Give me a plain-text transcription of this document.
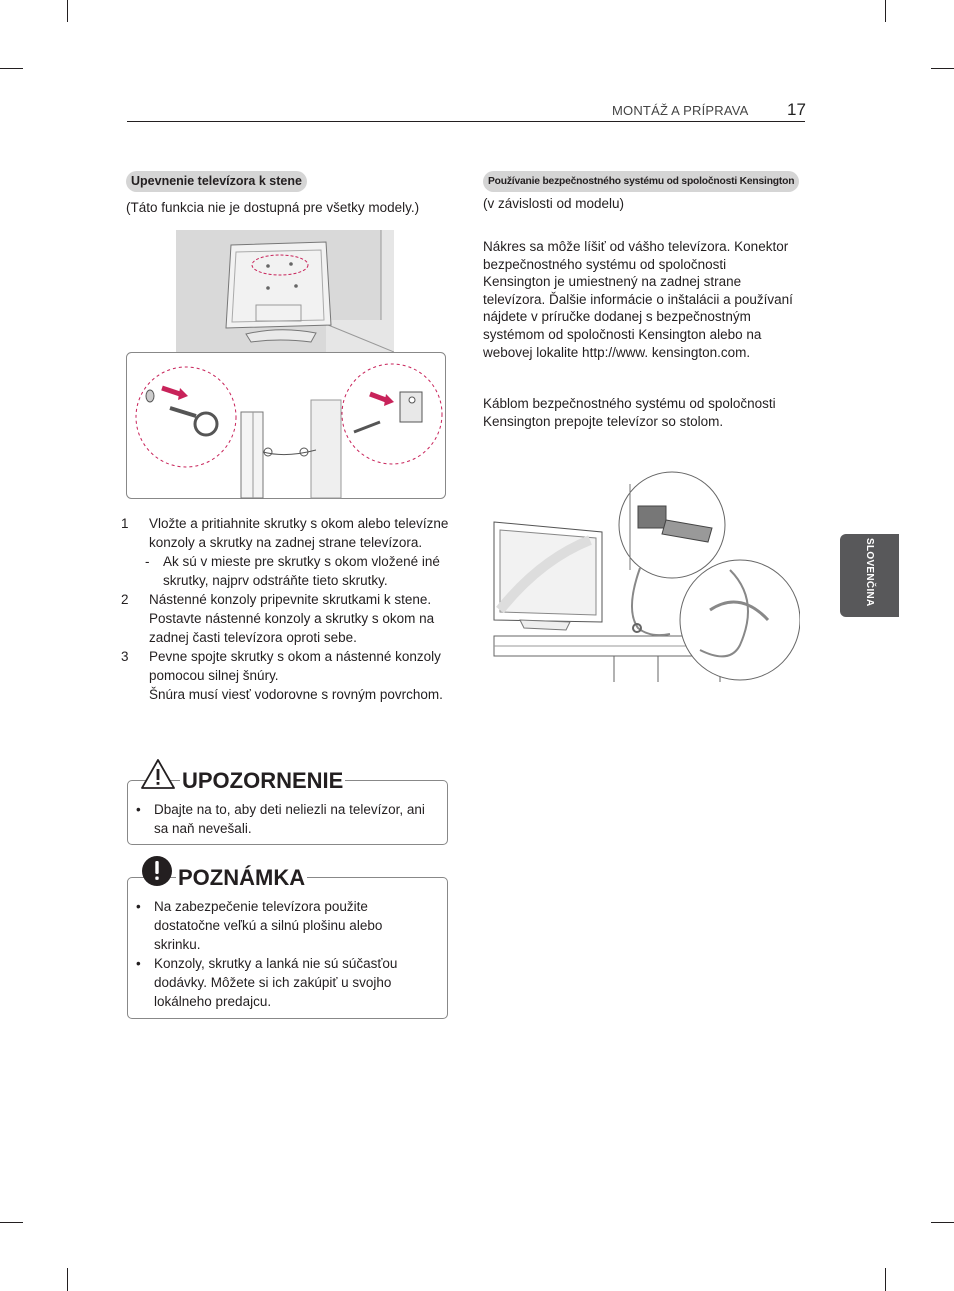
MONTÁŽ A PRÍPRAVA 17
SLOVENČINA
Upevnenie televízora k stene
(Táto funkcia nie je dostupná pre všetky modely.)
1 Vložte a pritiahnite skrutky s okom alebo televízne konzoly a skrutky na zadnej strane televízora.
- Ak sú v mieste pre skrutky s okom vložené iné skrutky, najprv odstráňte tieto skrutky.
2 Nástenné konzoly pripevnite skrutkami k stene. Postavte nástenné konzoly a skrutky s okom na zadnej časti televízora oproti sebe.
3 Pevne spojte skrutky s okom a nástenné konzoly pomocou silnej šnúry.
Šnúra musí viesť vodorovne s rovným povrchom.
UPOZORNENIE
• Dbajte na to, aby deti neliezli na televízor, ani sa naň nevešali.
POZNÁMKA
• Na zabezpečenie televízora použite dostatočne veľkú a silnú plošinu alebo skrinku.
• Konzoly, skrutky a lanká nie sú súčasťou dodávky. Môžete si ich zakúpiť u svojho lokálneho predajcu.
Používanie bezpečnostného systému od spoločnosti Kensington
(v závislosti od modelu)
Nákres sa môže líšiť od vášho televízora. Konektor bezpečnostného systému od spoločnosti Kensington je umiestnený na zadnej strane televízora. Ďalšie informácie o inštalácii a používaní nájdete v príručke dodanej s bezpečnostným systémom od spoločnosti Kensington alebo na webovej lokalite http://www. kensington.com.
Káblom bezpečnostného systému od spoločnosti Kensington prepojte televízor so stolom.
